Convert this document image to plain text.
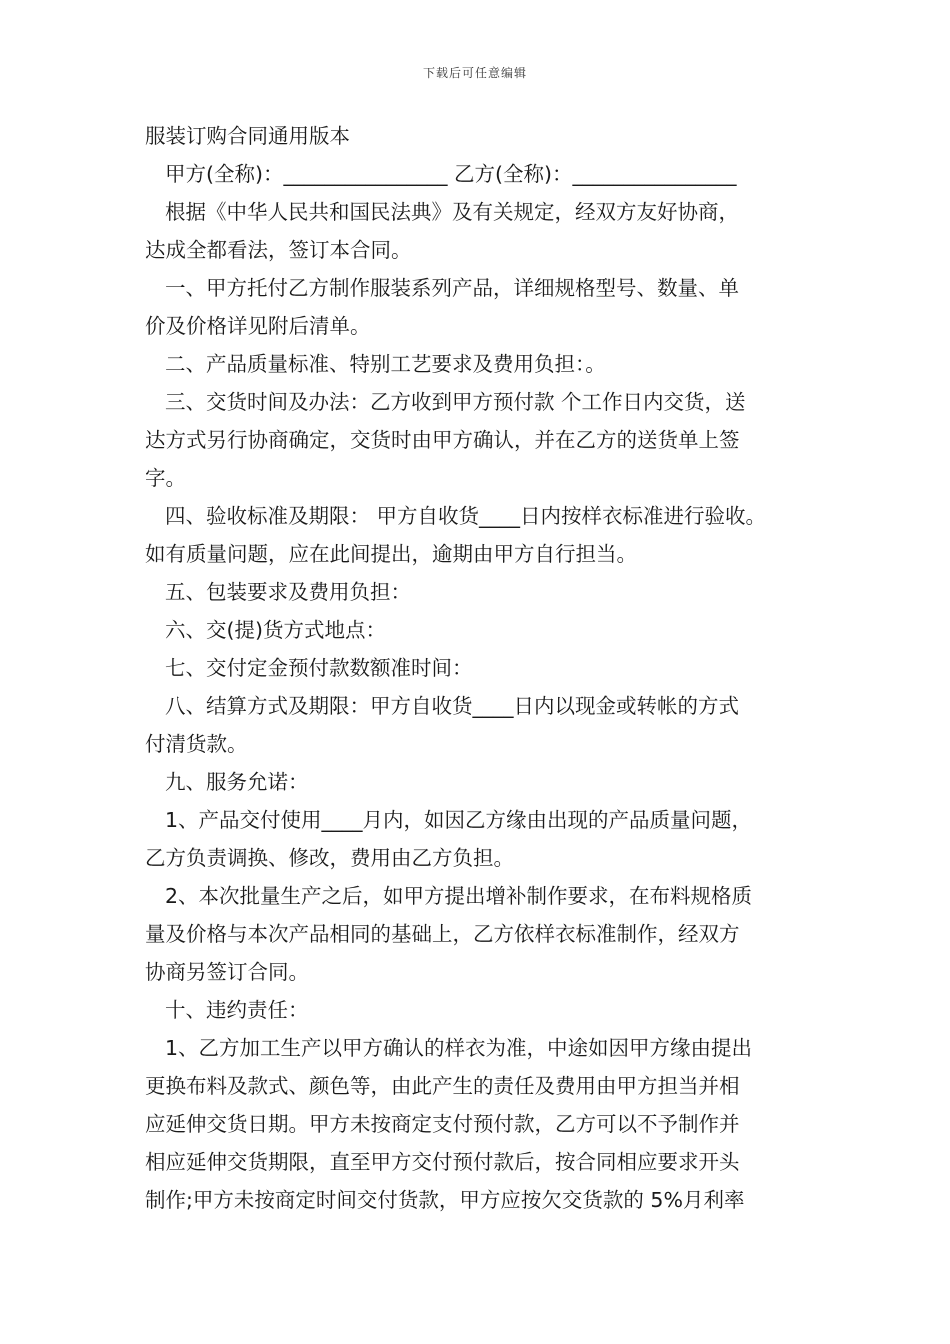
下载后可任意编辑
服装订购合同通用版本
甲方(全称)：________________ 乙方(全称)：________________
根据《中华人民共和国民法典》及有关规定，经双方友好协商，
达成全都看法，签订本合同。
一、甲方托付乙方制作服装系列产品，详细规格型号、数量、单
价及价格详见附后清单。
二、产品质量标准、特别工艺要求及费用负担：。
三、交货时间及办法：乙方收到甲方预付款 个工作日内交货，送
达方式另行协商确定，交货时由甲方确认，并在乙方的送货单上签
字。
四、验收标准及期限： 甲方自收货____日内按样衣标准进行验收。
如有质量问题，应在此间提出，逾期由甲方自行担当。
五、包装要求及费用负担：
六、交(提)货方式地点：
七、交付定金预付款数额准时间：
八、结算方式及期限：甲方自收货____日内以现金或转帐的方式
付清货款。
九、服务允诺：
1、产品交付使用____月内，如因乙方缘由出现的产品质量问题，
乙方负责调换、修改，费用由乙方负担。
2、本次批量生产之后，如甲方提出增补制作要求，在布料规格质
量及价格与本次产品相同的基础上，乙方依样衣标准制作，经双方
协商另签订合同。
十、违约责任：
1、乙方加工生产以甲方确认的样衣为准，中途如因甲方缘由提出
更换布料及款式、颜色等，由此产生的责任及费用由甲方担当并相
应延伸交货日期。甲方未按商定支付预付款，乙方可以不予制作并
相应延伸交货期限，直至甲方交付预付款后，按合同相应要求开头
制作;甲方未按商定时间交付货款，甲方应按欠交货款的 5%月利率
